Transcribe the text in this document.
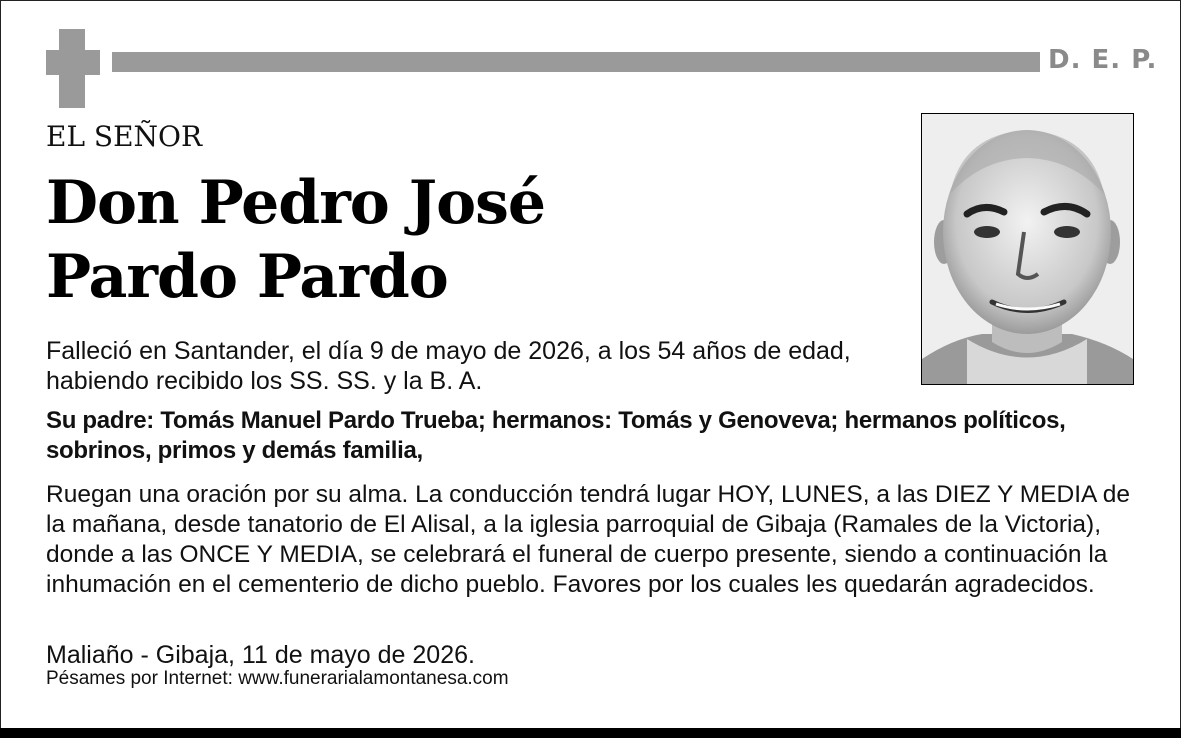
D. E. P.
EL SEÑOR
Don Pedro José
Pardo Pardo
Falleció en Santander, el día 9 de mayo de 2026, a los 54 años de edad, habiendo recibido los SS. SS. y la B. A.
Su padre: Tomás Manuel Pardo Trueba; hermanos: Tomás y Genoveva; hermanos políticos, sobrinos, primos y demás familia,
Ruegan una oración por su alma. La conducción tendrá lugar HOY, LUNES, a las DIEZ Y MEDIA de la mañana, desde tanatorio de El Alisal, a la iglesia parroquial de Gibaja (Ramales de la Victoria), donde a las ONCE Y MEDIA, se celebrará el funeral de cuerpo presente, siendo a continuación la inhumación en el cementerio de dicho pueblo. Favores por los cuales les quedarán agradecidos.
Maliaño - Gibaja, 11 de mayo de 2026.
Pésames por Internet: www.funerarialamontanesa.com
